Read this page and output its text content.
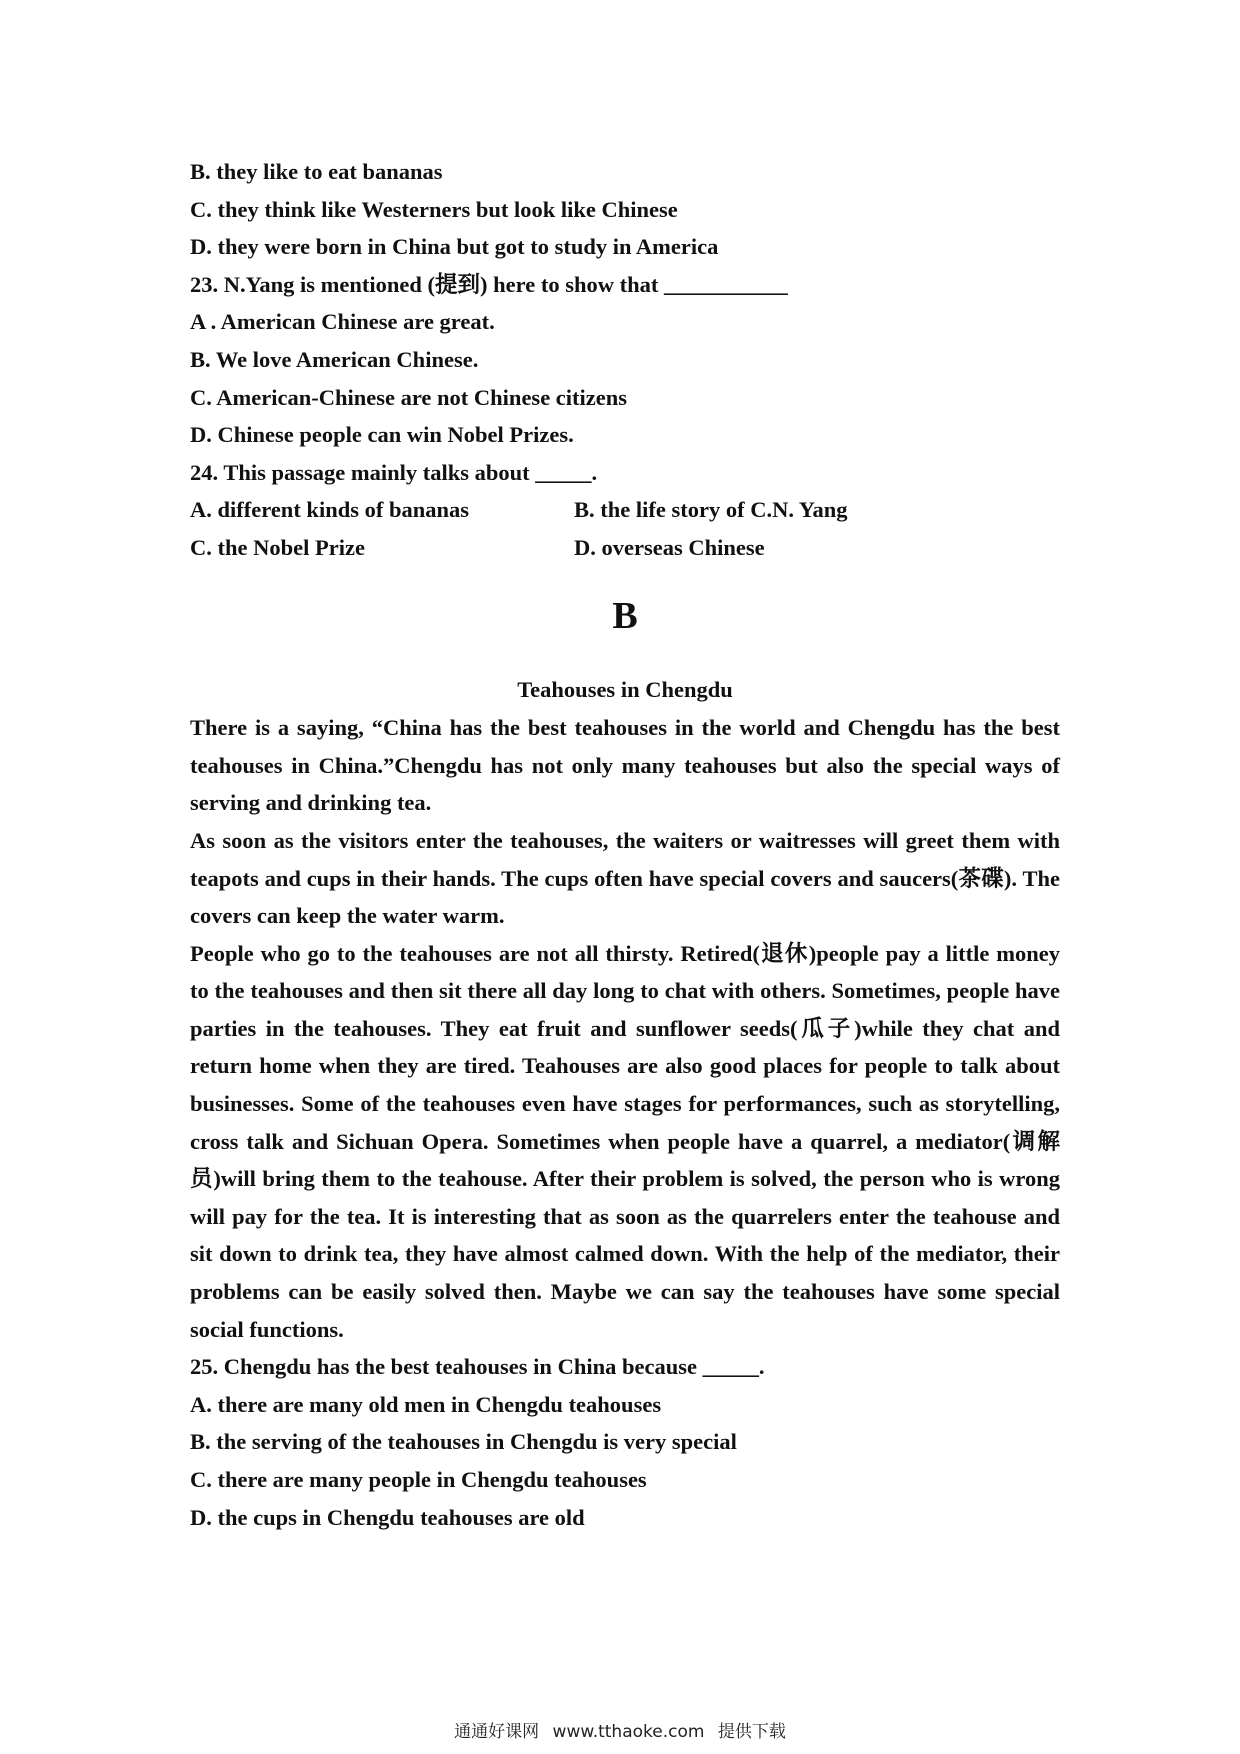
B. they like to eat bananas
C. they think like Westerners but look like Chinese
D. they were born in China but got to study in America
23. N.Yang is mentioned (提到) here to show that ___________
A . American Chinese are great.
B. We love American Chinese.
C. American-Chinese are not Chinese citizens
D. Chinese people can win Nobel Prizes.
24. This passage mainly talks about _____.
A. different kinds of bananas	B. the life story of C.N. Yang
C. the Nobel Prize	D. overseas Chinese
B
Teahouses in Chengdu
There is a saying, “China has the best teahouses in the world and Chengdu has the best teahouses in China.”Chengdu has not only many teahouses but also the special ways of serving and drinking tea.
As soon as the visitors enter the teahouses, the waiters or waitresses will greet them with teapots and cups in their hands. The cups often have special covers and saucers(茶碟). The covers can keep the water warm.
People who go to the teahouses are not all thirsty. Retired(退休)people pay a little money to the teahouses and then sit there all day long to chat with others. Sometimes, people have parties in the teahouses. They eat fruit and sunflower seeds(瓜子)while they chat and return home when they are tired. Teahouses are also good places for people to talk about businesses. Some of the teahouses even have stages for performances, such as storytelling, cross talk and Sichuan Opera. Sometimes when people have a quarrel, a mediator(调解员)will bring them to the teahouse. After their problem is solved, the person who is wrong will pay for the tea. It is interesting that as soon as the quarrelers enter the teahouse and sit down to drink tea, they have almost calmed down. With the help of the mediator, their problems can be easily solved then. Maybe we can say the teahouses have some special social functions.
25. Chengdu has the best teahouses in China because _____.
A. there are many old men in Chengdu teahouses
B. the serving of the teahouses in Chengdu is very special
C. there are many people in Chengdu teahouses
D. the cups in Chengdu teahouses are old
通通好课网 www.tthaoke.com 提供下载
